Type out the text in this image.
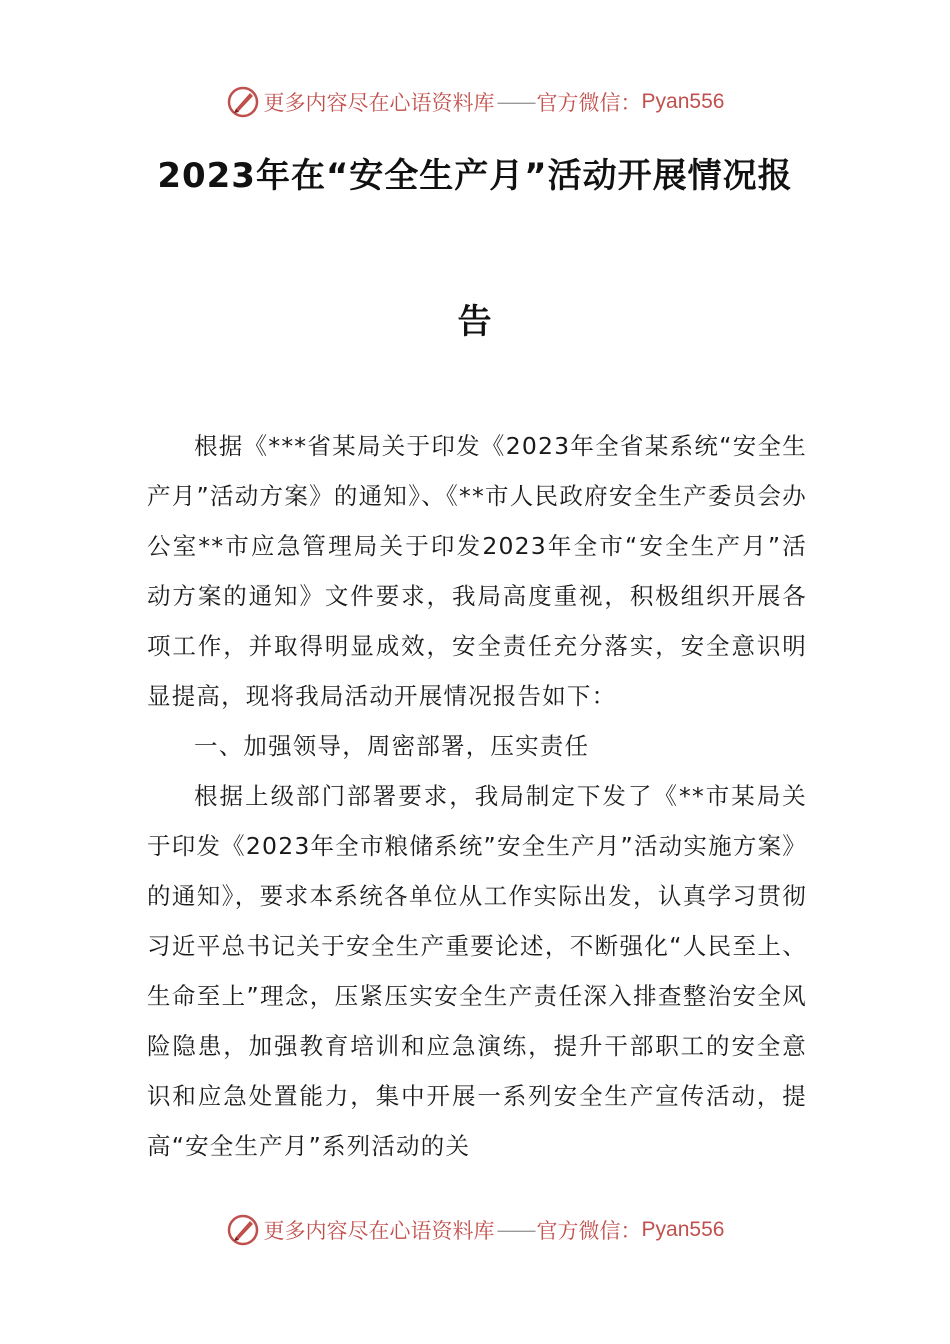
更多内容尽在心语资料库 —— 官方微信： Pyan556
2023年在“安全生产月”活动开展情况报
告

根据《***省某局关于印发《2023年全省某系统“安全生产月”活动方案》的通知》、《**市人民政府安全生产委员会办公室**市应急管理局关于印发2023年全市“安全生产月”活动方案的通知》文件要求，我局高度重视，积极组织开展各项工作，并取得明显成效，安全责任充分落实，安全意识明显提高，现将我局活动开展情况报告如下：

一、加强领导，周密部署，压实责任

根据上级部门部署要求，我局制定下发了《**市某局关于印发《2023年全市粮储系统”安全生产月”活动实施方案》的通知》，要求本系统各单位从工作实际出发，认真学习贯彻习近平总书记关于安全生产重要论述，不断强化“人民至上、生命至上”理念，压紧压实安全生产责任深入排查整治安全风险隐患，加强教育培训和应急演练，提升干部职工的安全意识和应急处置能力，集中开展一系列安全生产宣传活动，提高“安全生产月”系列活动的关

更多内容尽在心语资料库 —— 官方微信： Pyan556
